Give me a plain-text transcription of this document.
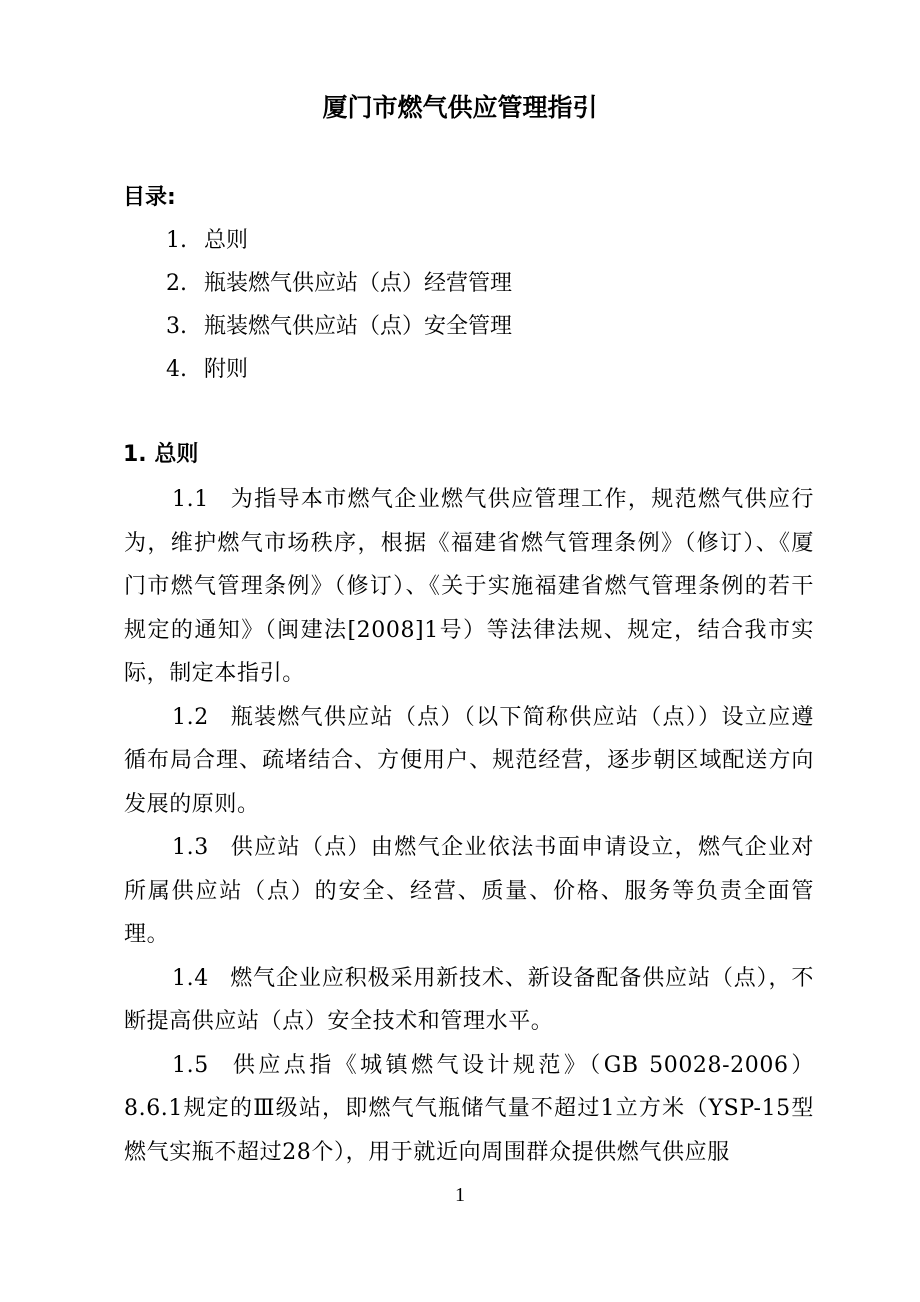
厦门市燃气供应管理指引
目录:
1. 总则
2. 瓶装燃气供应站（点）经营管理
3. 瓶装燃气供应站（点）安全管理
4. 附则
1. 总则

1.1 为指导本市燃气企业燃气供应管理工作，规范燃气供应行为，维护燃气市场秩序，根据《福建省燃气管理条例》（修订）、《厦门市燃气管理条例》（修订）、《关于实施福建省燃气管理条例的若干规定的通知》（闽建法[2008]1号）等法律法规、规定，结合我市实际，制定本指引。

1.2 瓶装燃气供应站（点）（以下简称供应站（点））设立应遵循布局合理、疏堵结合、方便用户、规范经营，逐步朝区域配送方向发展的原则。

1.3 供应站（点）由燃气企业依法书面申请设立，燃气企业对所属供应站（点）的安全、经营、质量、价格、服务等负责全面管理。

1.4 燃气企业应积极采用新技术、新设备配备供应站（点），不断提高供应站（点）安全技术和管理水平。

1.5 供应点指《城镇燃气设计规范》（GB 50028-2006）8.6.1规定的Ⅲ级站，即燃气气瓶储气量不超过1立方米（YSP-15型燃气实瓶不超过28个），用于就近向周围群众提供燃气供应服

1
